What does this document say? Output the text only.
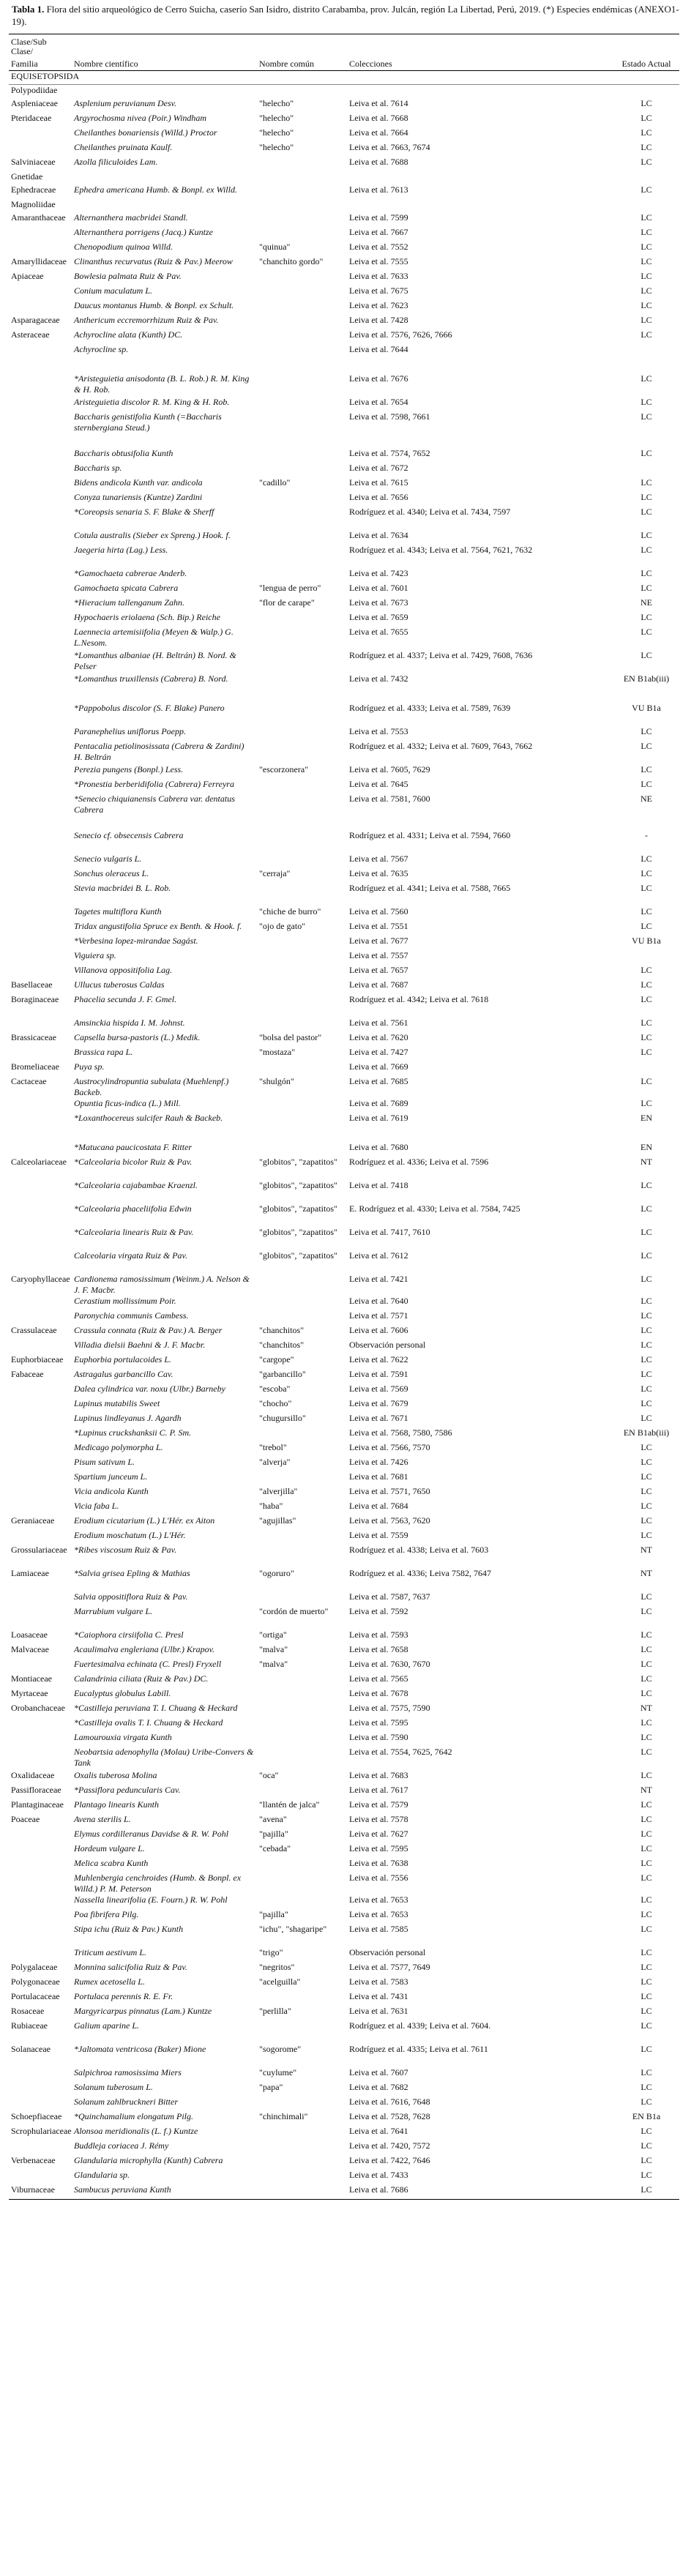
Tabla 1. Flora del sitio arqueológico de Cerro Suicha, caserío San Isidro, distrito Carabamba, prov. Julcán, región La Libertad, Perú, 2019. (*) Especies endémicas (ANEXO1-19).

Clase/Sub Clase/				
Familia	Nombre científico	Nombre común	Colecciones	Estado Actual
EQUISETOPSIDA				
Polypodiidae				
Aspleniaceae	Asplenium peruvianum Desv.	"helecho"	Leiva et al. 7614	LC
Pteridaceae	Argyrochosma nivea (Poir.) Windham	"helecho"	Leiva et al. 7668	LC
	Cheilanthes bonariensis (Willd.) Proctor	"helecho"	Leiva et al. 7664	LC
	Cheilanthes pruinata Kaulf.	"helecho"	Leiva et al. 7663, 7674	LC
Salviniaceae	Azolla filiculoides Lam.		Leiva et al. 7688	LC
Gnetidae				
Ephedraceae	Ephedra americana Humb. & Bonpl. ex Willd.		Leiva et al. 7613	LC
Magnoliidae				
Amaranthaceae	Alternanthera macbridei Standl.		Leiva et al. 7599	LC
	Alternanthera porrigens (Jacq.) Kuntze		Leiva et al. 7667	LC
	Chenopodium quinoa Willd.	"quinua"	Leiva et al. 7552	LC
Amaryllidaceae	Clinanthus recurvatus (Ruiz & Pav.) Meerow	"chanchito gordo"	Leiva et al. 7555	LC
Apiaceae	Bowlesia palmata Ruiz & Pav.		Leiva et al. 7633	LC
	Conium maculatum L.		Leiva et al. 7675	LC
	Daucus montanus Humb. & Bonpl. ex Schult.		Leiva et al. 7623	LC
Asparagaceae	Anthericum eccremorrhizum Ruiz & Pav.		Leiva et al. 7428	LC
Asteraceae	Achyrocline alata (Kunth) DC.		Leiva et al. 7576, 7626, 7666	LC
	Achyrocline sp.		Leiva et al. 7644	

	*Aristeguietia anisodonta (B. L. Rob.) R. M. King & H. Rob.		Leiva et al. 7676	LC
	Aristeguietia discolor R. M. King & H. Rob.		Leiva et al. 7654	LC
	Baccharis genistifolia Kunth (=Baccharis sternbergiana Steud.)		Leiva et al. 7598, 7661	LC

	Baccharis obtusifolia Kunth		Leiva et al. 7574, 7652	LC
	Baccharis sp.		Leiva et al. 7672	
	Bidens andicola Kunth var. andicola	"cadillo"	Leiva et al. 7615	LC
	Conyza tunariensis (Kuntze) Zardini		Leiva et al. 7656	LC
	*Coreopsis senaria S. F. Blake & Sherff		Rodríguez et al. 4340; Leiva et al. 7434, 7597	LC
	Cotula australis (Sieber ex Spreng.) Hook. f.		Leiva et al. 7634	LC
	Jaegeria hirta (Lag.) Less.		Rodríguez et al. 4343; Leiva et al. 7564, 7621, 7632	LC
	*Gamochaeta cabrerae Anderb.		Leiva et al. 7423	LC
	Gamochaeta spicata Cabrera	"lengua de perro"	Leiva et al. 7601	LC
	*Hieracium tallenganum Zahn.	"flor de carape"	Leiva et al. 7673	NE
	Hypochaeris eriolaena (Sch. Bip.) Reiche		Leiva et al. 7659	LC
	Laennecia artemisiifolia (Meyen & Walp.) G. L.Nesom.		Leiva et al. 7655	LC
	*Lomanthus albaniae (H. Beltrán) B. Nord. & Pelser		Rodríguez et al. 4337; Leiva et al. 7429, 7608, 7636	LC
	*Lomanthus truxillensis (Cabrera) B. Nord.		Leiva et al. 7432	EN B1ab(iii)

	*Pappobolus discolor (S. F. Blake) Panero		Rodríguez et al. 4333; Leiva et al. 7589, 7639	VU B1a
	Paranephelius uniflorus Poepp.		Leiva et al. 7553	LC
	Pentacalia petiolinosissata (Cabrera & Zardini) H. Beltrán		Rodríguez et al. 4332; Leiva et al. 7609, 7643, 7662	LC
	Perezia pungens (Bonpl.) Less.	"escorzonera"	Leiva et al. 7605, 7629	LC
	*Pronestia berberidifolia (Cabrera) Ferreyra		Leiva et al. 7645	LC
	*Senecio chiquianensis Cabrera var. dentatus Cabrera		Leiva et al. 7581, 7600	NE

	Senecio cf. obsecensis Cabrera		Rodríguez et al. 4331; Leiva et al. 7594, 7660	-
	Senecio vulgaris L.		Leiva et al. 7567	LC
	Sonchus oleraceus L.	"cerraja"	Leiva et al. 7635	LC
	Stevia macbridei B. L. Rob.		Rodríguez et al. 4341; Leiva et al. 7588, 7665	LC
	Tagetes multiflora Kunth	"chiche de burro"	Leiva et al. 7560	LC
	Tridax angustifolia Spruce ex Benth. & Hook. f.	"ojo de gato"	Leiva et al. 7551	LC
	*Verbesina lopez-mirandae Sagást.		Leiva et al. 7677	VU B1a
	Viguiera sp.		Leiva et al. 7557	
	Villanova oppositifolia Lag.		Leiva et al. 7657	LC
Basellaceae	Ullucus tuberosus Caldas		Leiva et al. 7687	LC
Boraginaceae	Phacelia secunda J. F. Gmel.		Rodríguez et al. 4342; Leiva et al. 7618	LC
	Amsinckia hispida I. M. Johnst.		Leiva et al. 7561	LC
Brassicaceae	Capsella bursa-pastoris (L.) Medik.	"bolsa del pastor"	Leiva et al. 7620	LC
	Brassica rapa L.	"mostaza"	Leiva et al. 7427	LC
Bromeliaceae	Puya sp.		Leiva et al. 7669	
Cactaceae	Austrocylindropuntia subulata (Muehlenpf.) Backeb.	"shulgón"	Leiva et al. 7685	LC
	Opuntia ficus-indica (L.) Mill.		Leiva et al. 7689	LC
	*Loxanthocereus sulcifer Rauh & Backeb.		Leiva et al. 7619	EN

	*Matucana paucicostata F. Ritter		Leiva et al. 7680	EN
Calceolariaceae	*Calceolaria bicolor Ruiz & Pav.	"globitos", "zapatitos"	Rodríguez et al. 4336; Leiva et al. 7596	NT
	*Calceolaria cajabambae Kraenzl.	"globitos", "zapatitos"	Leiva et al. 7418	LC
	*Calceolaria phaceliifolia Edwin	"globitos", "zapatitos"	E. Rodríguez et al. 4330; Leiva et al. 7584, 7425	LC
	*Calceolaria linearis Ruiz & Pav.	"globitos", "zapatitos"	Leiva et al. 7417, 7610	LC
	Calceolaria virgata Ruiz & Pav.	"globitos", "zapatitos"	Leiva et al. 7612	LC
Caryophyllaceae	Cardionema ramosissimum (Weinm.) A. Nelson & J. F. Macbr.		Leiva et al. 7421	LC
	Cerastium mollissimum Poir.		Leiva et al. 7640	LC
	Paronychia communis Cambess.		Leiva et al. 7571	LC
Crassulaceae	Crassula connata (Ruiz & Pav.) A. Berger	"chanchitos"	Leiva et al. 7606	LC
	Villadia dielsii Baehni & J. F. Macbr.	"chanchitos"	Observación personal	LC
Euphorbiaceae	Euphorbia portulacoides L.	"cargope"	Leiva et al. 7622	LC
Fabaceae	Astragalus garbancillo Cav.	"garbancillo"	Leiva et al. 7591	LC
	Dalea cylindrica var. noxu (Ulbr.) Barneby	"escoba"	Leiva et al. 7569	LC
	Lupinus mutabilis Sweet	"chocho"	Leiva et al. 7679	LC
	Lupinus lindleyanus J. Agardh	"chugursillo"	Leiva et al. 7671	LC
	*Lupinus cruckshanksii C. P. Sm.		Leiva et al. 7568, 7580, 7586	EN B1ab(iii)
	Medicago polymorpha L.	"trebol"	Leiva et al. 7566, 7570	LC
	Pisum sativum L.	"alverja"	Leiva et al. 7426	LC
	Spartium junceum L.		Leiva et al. 7681	LC
	Vicia andicola Kunth	"alverjilla"	Leiva et al. 7571, 7650	LC
	Vicia faba L.	"haba"	Leiva et al. 7684	LC
Geraniaceae	Erodium cicutarium (L.) L'Hér. ex Aiton	"agujillas"	Leiva et al. 7563, 7620	LC
	Erodium moschatum (L.) L'Hér.		Leiva et al. 7559	LC
Grossulariaceae	*Ribes viscosum Ruiz & Pav.		Rodríguez et al. 4338; Leiva et al. 7603	NT
Lamiaceae	*Salvia grisea Epling & Mathias	"ogoruro"	Rodríguez et al. 4336; Leiva 7582, 7647	NT
	Salvia oppositiflora Ruiz & Pav.		Leiva et al. 7587, 7637	LC
	Marrubium vulgare L.	"cordón de muerto"	Leiva et al. 7592	LC
Loasaceae	*Caiophora cirsiifolia C. Presl	"ortiga"	Leiva et al. 7593	LC
Malvaceae	Acaulimalva engleriana (Ulbr.) Krapov.	"malva"	Leiva et al. 7658	LC
	Fuertesimalva echinata (C. Presl) Fryxell	"malva"	Leiva et al. 7630, 7670	LC
Montiaceae	Calandrinia ciliata (Ruiz & Pav.) DC.		Leiva et al. 7565	LC
Myrtaceae	Eucalyptus globulus Labill.		Leiva et al. 7678	LC
Orobanchaceae	*Castilleja peruviana T. I. Chuang & Heckard		Leiva et al. 7575, 7590	NT
	*Castilleja ovalis T. I. Chuang & Heckard		Leiva et al. 7595	LC
	Lamourouxia virgata Kunth		Leiva et al. 7590	LC
	Neobartsia adenophylla (Molau) Uribe-Convers & Tank		Leiva et al. 7554, 7625, 7642	LC
Oxalidaceae	Oxalis tuberosa Molina	"oca"	Leiva et al. 7683	LC
Passifloraceae	*Passiflora peduncularis Cav.		Leiva et al. 7617	NT
Plantaginaceae	Plantago linearis Kunth	"llantén de jalca"	Leiva et al. 7579	LC
Poaceae	Avena sterilis L.	"avena"	Leiva et al. 7578	LC
	Elymus cordilleranus Davidse & R. W. Pohl	"pajilla"	Leiva et al. 7627	LC
	Hordeum vulgare L.	"cebada"	Leiva et al. 7595	LC
	Melica scabra Kunth		Leiva et al. 7638	LC
	Muhlenbergia cenchroides (Humb. & Bonpl. ex Willd.) P. M. Peterson		Leiva et al. 7556	LC
	Nassella linearifolia (E. Fourn.) R. W. Pohl		Leiva et al. 7653	LC
	Poa fibrifera Pilg.	"pajilla"	Leiva et al. 7653	LC
	Stipa ichu (Ruiz & Pav.) Kunth	"ichu", "shagaripe"	Leiva et al. 7585	LC
	Triticum aestivum L.	"trigo"	Observación personal	LC
Polygalaceae	Monnina salicifolia Ruiz & Pav.	"negritos"	Leiva et al. 7577, 7649	LC
Polygonaceae	Rumex acetosella L.	"acelguilla"	Leiva et al. 7583	LC
Portulacaceae	Portulaca perennis R. E. Fr.		Leiva et al. 7431	LC
Rosaceae	Margyricarpus pinnatus (Lam.) Kuntze	"perlilla"	Leiva et al. 7631	LC
Rubiaceae	Galium aparine L.		Rodríguez et al. 4339; Leiva et al. 7604.	LC
Solanaceae	*Jaltomata ventricosa (Baker) Mione	"sogorome"	Rodríguez et al. 4335; Leiva et al. 7611	LC
	Salpichroa ramosissima Miers	"cuylume"	Leiva et al. 7607	LC
	Solanum tuberosum L.	"papa"	Leiva et al. 7682	LC
	Solanum zahlbruckneri Bitter		Leiva et al. 7616, 7648	LC
Schoepfiaceae	*Quinchamalium elongatum Pilg.	"chinchimali"	Leiva et al. 7528, 7628	EN B1a
Scrophulariaceae	Alonsoa meridionalis (L. f.) Kuntze		Leiva et al. 7641	LC
	Buddleja coriacea J. Rémy		Leiva et al. 7420, 7572	LC
Verbenaceae	Glandularia microphylla (Kunth) Cabrera		Leiva et al. 7422, 7646	LC
	Glandularia sp.		Leiva et al. 7433	LC
Viburnaceae	Sambucus peruviana Kunth		Leiva et al. 7686	LC
